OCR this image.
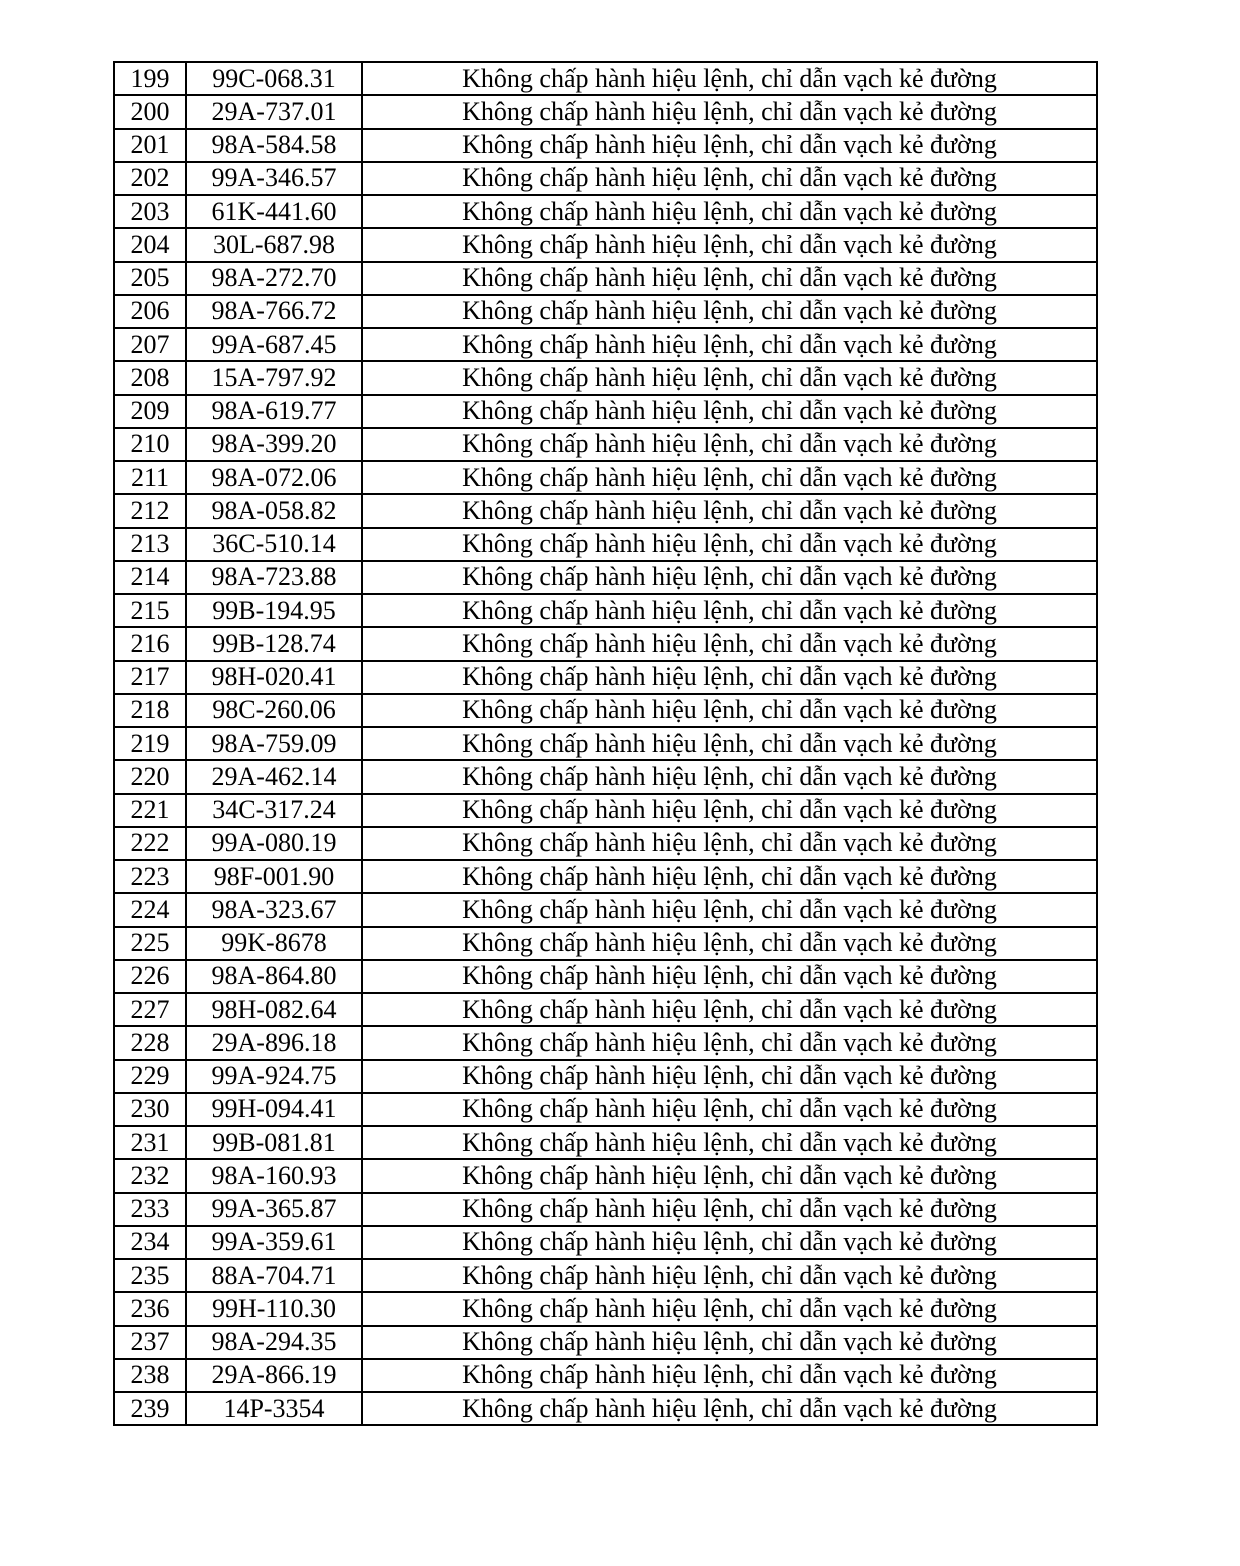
199	99C-068.31	Không chấp hành hiệu lệnh, chỉ dẫn vạch kẻ đường
200	29A-737.01	Không chấp hành hiệu lệnh, chỉ dẫn vạch kẻ đường
201	98A-584.58	Không chấp hành hiệu lệnh, chỉ dẫn vạch kẻ đường
202	99A-346.57	Không chấp hành hiệu lệnh, chỉ dẫn vạch kẻ đường
203	61K-441.60	Không chấp hành hiệu lệnh, chỉ dẫn vạch kẻ đường
204	30L-687.98	Không chấp hành hiệu lệnh, chỉ dẫn vạch kẻ đường
205	98A-272.70	Không chấp hành hiệu lệnh, chỉ dẫn vạch kẻ đường
206	98A-766.72	Không chấp hành hiệu lệnh, chỉ dẫn vạch kẻ đường
207	99A-687.45	Không chấp hành hiệu lệnh, chỉ dẫn vạch kẻ đường
208	15A-797.92	Không chấp hành hiệu lệnh, chỉ dẫn vạch kẻ đường
209	98A-619.77	Không chấp hành hiệu lệnh, chỉ dẫn vạch kẻ đường
210	98A-399.20	Không chấp hành hiệu lệnh, chỉ dẫn vạch kẻ đường
211	98A-072.06	Không chấp hành hiệu lệnh, chỉ dẫn vạch kẻ đường
212	98A-058.82	Không chấp hành hiệu lệnh, chỉ dẫn vạch kẻ đường
213	36C-510.14	Không chấp hành hiệu lệnh, chỉ dẫn vạch kẻ đường
214	98A-723.88	Không chấp hành hiệu lệnh, chỉ dẫn vạch kẻ đường
215	99B-194.95	Không chấp hành hiệu lệnh, chỉ dẫn vạch kẻ đường
216	99B-128.74	Không chấp hành hiệu lệnh, chỉ dẫn vạch kẻ đường
217	98H-020.41	Không chấp hành hiệu lệnh, chỉ dẫn vạch kẻ đường
218	98C-260.06	Không chấp hành hiệu lệnh, chỉ dẫn vạch kẻ đường
219	98A-759.09	Không chấp hành hiệu lệnh, chỉ dẫn vạch kẻ đường
220	29A-462.14	Không chấp hành hiệu lệnh, chỉ dẫn vạch kẻ đường
221	34C-317.24	Không chấp hành hiệu lệnh, chỉ dẫn vạch kẻ đường
222	99A-080.19	Không chấp hành hiệu lệnh, chỉ dẫn vạch kẻ đường
223	98F-001.90	Không chấp hành hiệu lệnh, chỉ dẫn vạch kẻ đường
224	98A-323.67	Không chấp hành hiệu lệnh, chỉ dẫn vạch kẻ đường
225	99K-8678	Không chấp hành hiệu lệnh, chỉ dẫn vạch kẻ đường
226	98A-864.80	Không chấp hành hiệu lệnh, chỉ dẫn vạch kẻ đường
227	98H-082.64	Không chấp hành hiệu lệnh, chỉ dẫn vạch kẻ đường
228	29A-896.18	Không chấp hành hiệu lệnh, chỉ dẫn vạch kẻ đường
229	99A-924.75	Không chấp hành hiệu lệnh, chỉ dẫn vạch kẻ đường
230	99H-094.41	Không chấp hành hiệu lệnh, chỉ dẫn vạch kẻ đường
231	99B-081.81	Không chấp hành hiệu lệnh, chỉ dẫn vạch kẻ đường
232	98A-160.93	Không chấp hành hiệu lệnh, chỉ dẫn vạch kẻ đường
233	99A-365.87	Không chấp hành hiệu lệnh, chỉ dẫn vạch kẻ đường
234	99A-359.61	Không chấp hành hiệu lệnh, chỉ dẫn vạch kẻ đường
235	88A-704.71	Không chấp hành hiệu lệnh, chỉ dẫn vạch kẻ đường
236	99H-110.30	Không chấp hành hiệu lệnh, chỉ dẫn vạch kẻ đường
237	98A-294.35	Không chấp hành hiệu lệnh, chỉ dẫn vạch kẻ đường
238	29A-866.19	Không chấp hành hiệu lệnh, chỉ dẫn vạch kẻ đường
239	14P-3354	Không chấp hành hiệu lệnh, chỉ dẫn vạch kẻ đường
